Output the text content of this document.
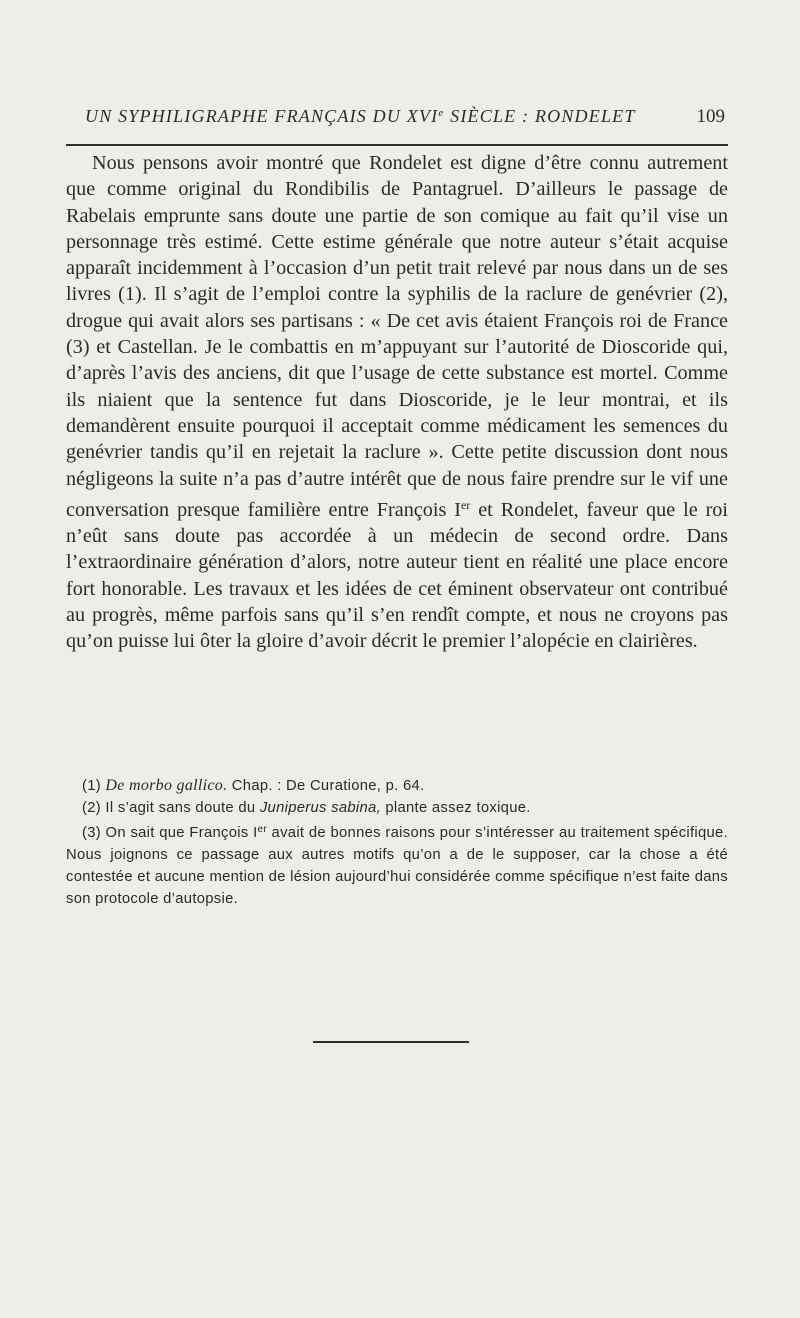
UN SYPHILIGRAPHE FRANÇAIS DU XVIe SIÈCLE : RONDELET	109

Nous pensons avoir montré que Rondelet est digne d’être connu autrement que comme original du Rondibilis de Pantagruel. D’ailleurs le passage de Rabelais emprunte sans doute une partie de son comique au fait qu’il vise un personnage très estimé. Cette estime générale que notre auteur s’était acquise apparaît incidemment à l’occasion d’un petit trait relevé par nous dans un de ses livres (1). Il s’agit de l’emploi contre la syphilis de la raclure de genévrier (2), drogue qui avait alors ses partisans : « De cet avis étaient François roi de France (3) et Castellan. Je le combattis en m’appuyant sur l’autorité de Dioscoride qui, d’après l’avis des anciens, dit que l’usage de cette substance est mortel. Comme ils niaient que la sentence fut dans Dioscoride, je le leur montrai, et ils demandèrent ensuite pourquoi il acceptait comme médicament les semences du genévrier tandis qu’il en rejetait la raclure ». Cette petite discussion dont nous négligeons la suite n’a pas d’autre intérêt que de nous faire prendre sur le vif une conversation presque familière entre François Ier et Rondelet, faveur que le roi n’eût sans doute pas accordée à un médecin de second ordre. Dans l’extraordinaire génération d’alors, notre auteur tient en réalité une place encore fort honorable. Les travaux et les idées de cet éminent observateur ont contribué au progrès, même parfois sans qu’il s’en rendît compte, et nous ne croyons pas qu’on puisse lui ôter la gloire d’avoir décrit le premier l’alopécie en clairières.

(1) De morbo gallico. Chap. : De Curatione, p. 64.

(2) Il s’agit sans doute du Juniperus sabina, plante assez toxique.

(3) On sait que François Ier avait de bonnes raisons pour s’intéresser au traitement spécifique. Nous joignons ce passage aux autres motifs qu’on a de le supposer, car la chose a été contestée et aucune mention de lésion aujourd’hui considérée comme spécifique n’est faite dans son protocole d’autopsie.
